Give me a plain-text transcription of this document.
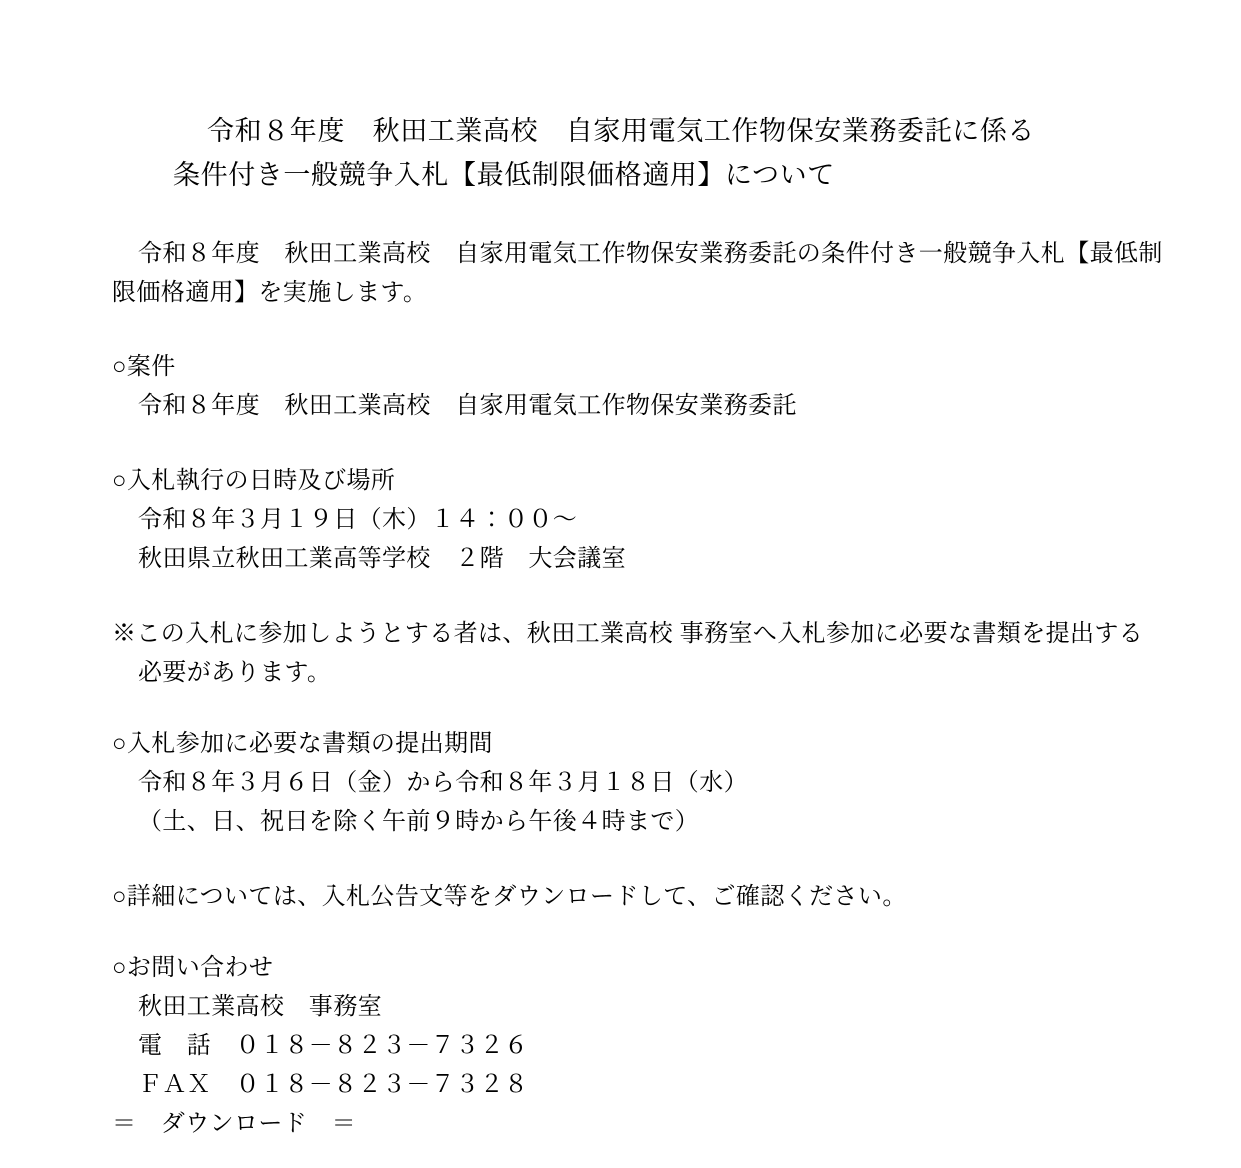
令和８年度　秋田工業高校　自家用電気工作物保安業務委託に係る
条件付き一般競争入札【最低制限価格適用】について
令和８年度　秋田工業高校　自家用電気工作物保安業務委託の条件付き一般競争入札【最低制
限価格適用】を実施します。
○案件
令和８年度　秋田工業高校　自家用電気工作物保安業務委託
○入札執行の日時及び場所
令和８年３月１９日（木）１４：００～
秋田県立秋田工業高等学校　２階　大会議室
※この入札に参加しようとする者は、秋田工業高校 事務室へ入札参加に必要な書類を提出する
必要があります。
○入札参加に必要な書類の提出期間
令和８年３月６日（金）から令和８年３月１８日（水）
（土、日、祝日を除く午前９時から午後４時まで）
○詳細については、入札公告文等をダウンロードして、ご確認ください。
○お問い合わせ
秋田工業高校　事務室
電　話　０１８－８２３－７３２６
ＦＡＸ　０１８－８２３－７３２８
＝　ダウンロード　＝
